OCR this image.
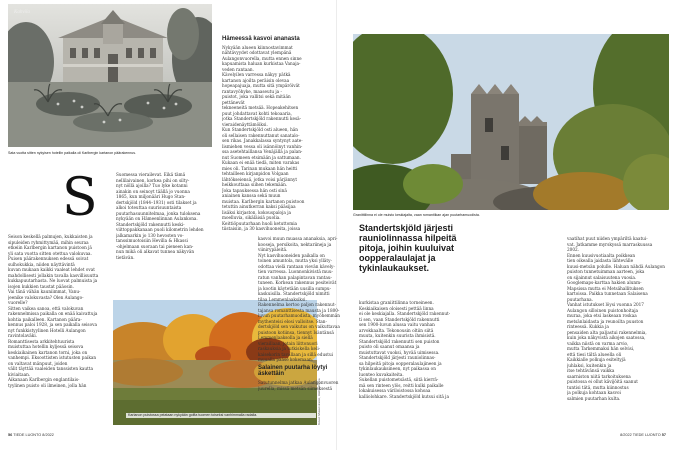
Kahvila
Sata vuotta sitten nykyisen hotellin paikalla oli Karlbergin kartanon päärakennus.
S
Seison keskellä palmujen, kukkaisten ja
sipuleiden ryhmittymää, mihin seuraa
etkeiin Karlbergin kartanon puistoon jä
yli sata vuotta sitten otettua valokuvaa.
Puisen päärakennuksen edessä soivat
sulhokukkia, niiden näyttävintä
kuvan mukaan kaikki vaaleat lehdet ovat
mahdollisesti jollakin tavalla kasvillisuutta
kukkapuutarhasta. Ne luovat palmuista ja
isojen kukkien taustat pääosin.
Vai tänä vähän kauniimmat, Vanu-
jeenike valokuvasta? Olen Aulango-
vuorelle?
Sitten vaikea sanoa, että valokuvan
rakennelmissa paikalla on enää kaivattuja
kohtia paikalleen. Kartanon päära-
kennus paloi 1928, ja sen paikalla seisova
nyt funkkistyylinen Hotelli Aulangon
ravintolaväki.
Romanttisesta arkkitehtuurista
muistuttaa hotellin kyljessä seisova
keskiaikainen kartanon torni, joka on
vanhempi. Eksoottisten istutusten paikan
on valtavat mänpuut, joiden
välit täyttää vaaleiden tanssisten kautta
kiviaitaan.
Aikanaan Karlbergin englantilais-
tyylinen puisto oli ilmeinen, jolla hän
Suomessa vierailevat. Eikä tämä
nellilaivainen, korkea pihi on silty-
nyt nöllä ajoilla? Tuo lyke kotanni
ainakin on seinoyt täällä jo vuonna
1865, kun miljonääri Hugo Stan-
dertskjöld (1844–1931) osti tilakset ja
alkoi toteuttaa suurisuuntaista
puutarhasuunnitelmaa, jonka tuloksena
nykyään on Hämeenlinnan Aulankona.
Standertskjöld rakennutti keski-
viittoppakkanaan puoli kilometrin lehden
jalkamarkin jo 130 hevosten vo-
tanssimuotoisiin Hevilla & Hkassi
-ohjelmaan suoraan tai pieneen kan-
nun mikä oli alkavat tunnea näkyvän
tietävän.
Karlanon puistossa pelataan nykyään golfia tuomen toiseksi vanhimmalla radalla.
56 TIEDE LUONTO 8/2022
Hämeessä kasvoi ananasta
Nykyään alueen kiinnostavimmat
nähtävyydet odottavat ylempänä
Aulangonvuorella, mutta ennen sinne
kapuamista haluan kurkistaa Vanaja-
veden rantaan.
Kävelyilen varressa näkyy pätkä
kartanon ajoilta peräisin olevaa
hopeapajuaja, mutta sitä ympäröivät
rantavyöhyke, maaseutu ja -
puistot, joka vallitsi sekä mitään
pettänevät
tekneeneitä metsää. Hopeakehitsen
puut johdattavat kohti tekoaaria,
jotka Standertskjöld rakennutti kesä-
vieraidenäyttämöiksi.
Kun Standertskjöld osti alueen, hän
oli sellaisen rakennuttanut sanatalo-
sen rikas. Janakkalassa syntynyt aate-
lismiehen vessa oli isännöinyt vanhin-
ssa asetehtaillansa Venäjällä ja palan-
nut Suomeen etsimään ja sattumaan.
Kukaan ei enää tiedä, miten varakas
mies oli. Tarinan mukaan hän heitti
tehtailleen kirjanpidon Volgaan
lähtökseiensä, jotka voisi pärjännyt
heikkouttaaa siihen tekemään.
Joka tapauksessa hän osti sinä
aniainen kanssa sekä muun
muistaa. Karlbergin kartanon puistoon
tetuttin ainutkerran kaksi pääsijaa
lisäksi kirjaston, kokouspaloja ja
moelluvia, sikäläisiä puolia.
Keittiöpuutarhaan huoli ketuttomia
tiistaisiin, ja 30 kasvihuoneita, joissa
Kuvat: Museovirasto, Hämeenlinna
Graniittilinna ei ole muisto keskiajalta, vaan romantiikan ajan puutarhamuodista.
kasvoi muun muassa ananaksia, apri-
kooseja, persikoita, nektariineja ja
viinirypäleitä.
Nyt kasvihuoneiden paikalla on
toinen amuntola, mutta yksi ylläty-
odottaa vielä rantaan vievän kävely-
tien varressa. Luonnonkivistä muu-
ratun vanhan palapintavan rantau-
tuneen. Korkean rakennus pesiteivät
ja kootin käytetään uusilla sumpu-
kaskuisilla. Standertskjöld nimitti
tilaa Lemmenlaaksiksi.
Rakennelma kertoo paljon rakennut-
tajansa romanttisesta mausta ja 1800-
luvun puutarhamuodista, myöhemmän
mythenteisi elosi valloitse. Stan-
dertskjöld sen vaikutus on vaikuttavaa
puistoon kotiinsa, tiennyt Isäntänsä
Lemmenlaaksolla ja siellä
vieraillaan, jotain liittonuori
raskauksia ja tutkiskella keli-
kaisekorin tavallaan ja sillä edustui
muualla pääse kokemaan.
Salainen puutarha löytyi äskettäin
Satutunnelma jatkaa Aulangonvuoren
juurella, missä metsän siimeksestä
Standertskjöld järjesti rauniolinnassa hilpeitä pitoja, joihin kuuluivat oopperalaulajat ja tykinlaukaukset.
kurkistaa graniittilinnа torneineen.
Keskiaikaisen oloisesti pettää linna
ei ole keskiajalla. Standertskjöld rakennut-
ti sen, vaan Standertskjöld rakennutti
sen 1900-luvun alussa vaitu vanhan
arvokkaalta. Tekonousin oltiin siitä
muuta, kuitenkin suurista ihmisistä.
Standertskjöld rakennutti sen puiston
puisto oli saanut omaansa ja
muistuttavat vuoksi, hyvää uimisessa.
Standertskjöld järjesti rauniolinnas-
sa hilpeitä pitoja oopperalaulajineen ja
tykinlaukauksineen, nyt paikassa on
luonteo kuvakaiteita.
Sukellan puistometsästä, siitä kierrä-
mä sen rinteen ylös, reitti kulki paikalle
lokakuisessa väriloistossa kohoaa
kalliolohkare. Standertskjöld kutsui sitä ja
vaatihat puut niiden ympäriltä kaatui-
vat. Jatkamme myrskyssä marraskuussa
2002.
Ennen kuusivuotiaalta poikkean
tien oikealla jaidasta lähtevälle
kuusi-metsän polulle. Haluan nähdä Aulangon
puiston tunnetuimman aarteen, joka
on sijainnut salaisuutena vuosia.
Googlemaps-karttaa hakien alunm-
Mapsissa mutta ei Metsähallituksen
kartoissa. Paikka tunnetaan Salaisena
puutarhana.
Vanhat istutukset löysi vuonna 2017
Aulangon silloinen puistonhoitaja
muraa, joka etsi laskeaan roskaa
metsänlaidasta ja reunoilta puuston
rinteessä. Kukkia ja
pensaiden alta paljastui rakennelmia,
kuin joka näkyvistä aikojen saatossa,
vaikka niistä on varma arvio,
mutta Tarkemmaksi hän selvisi,
että tiesi tältä alueella oli
Kaikkialle polkuja esiteltyjä
juhlaksi, kuitenkin ja
itse tehtävänsä vaikka
saarniston niitä tarkoituksena
puistossa ei ollut kävijöitä saanut
tuntisi tätä, mutta kiinnostus
ja polkuja kohtaan kasvoi
salmien puutarhan kulta.
8/2022 TIEDE LUONTO 57
